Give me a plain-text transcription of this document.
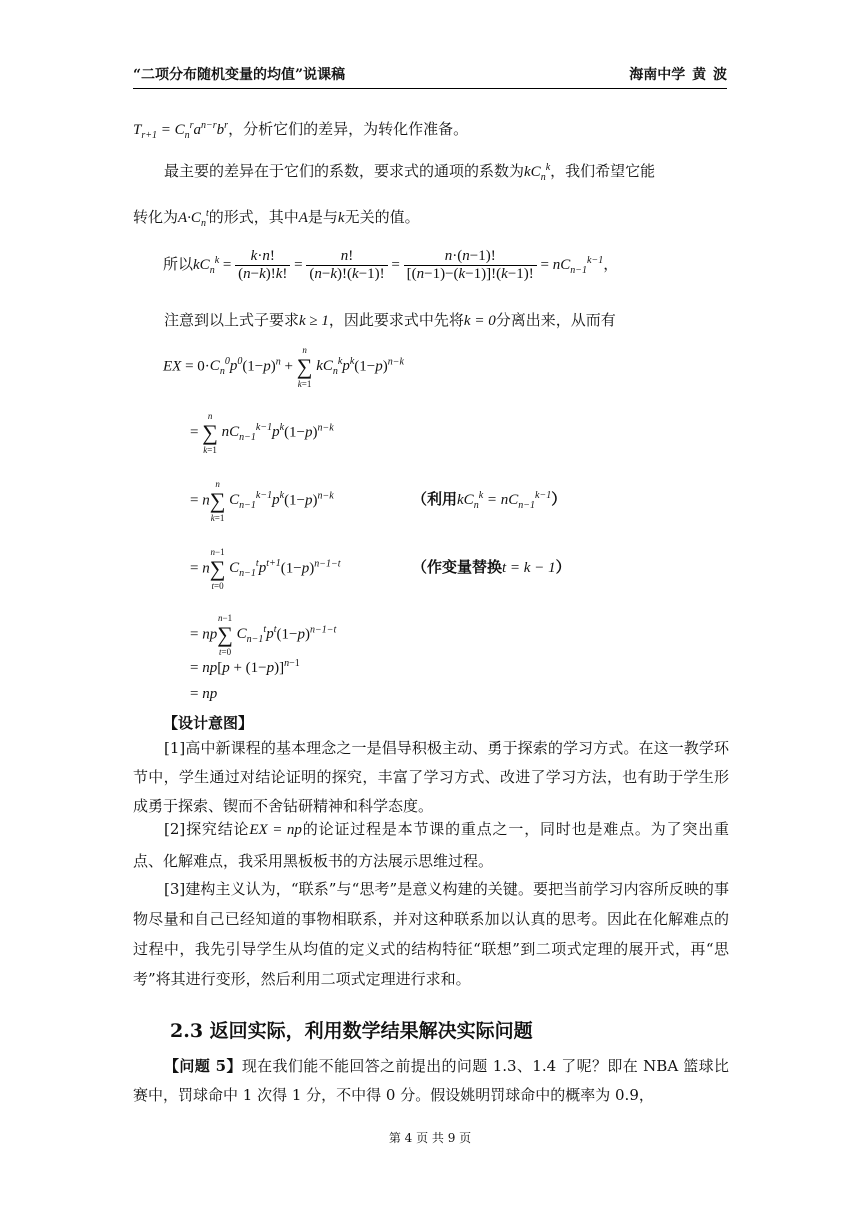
“二项分布随机变量的均值”说课稿	海南中学 黄 波
$T_{r+1} = C_n^ra^{n-r}b^r$，分析它们的差异，为转化作准备。
最主要的差异在于它们的系数，要求式的通项的系数为$kC_n^k$，我们希望它能
转化为$A\cdot C_n^t$的形式，其中A是与k无关的值。
所以$kC_n^k = \frac{k\cdot n!}{(n-k)!k!} = \frac{n!}{(n-k)!(k-1)!} = \frac{n\cdot(n-1)!}{[(n-1)-(k-1)]!(k-1)!} = nC_{n-1}^{k-1}$，
注意到以上式子要求k ≥ 1，因此要求式中先将k = 0分离出来，从而有
EX = $0\cdot C_n^0p^0(1-p)^n$ +
n
∑
k=1
$kC_n^kp^k(1-p)^{n-k}$
=
n
∑
k=1
$nC_{n-1}^{k-1}p^k(1-p)^{n-k}$
= n
n
∑
k=1
$C_{n-1}^{k-1}p^k(1-p)^{n-k}$	（利用$kC_n^k = nC_{n-1}^{k-1}$）
= n
n−1
∑
t=0
$C_{n-1}^tp^{t+1}(1-p)^{n-1-t}$	（作变量替换t = k − 1）
= np
n−1
∑
t=0
$C_{n-1}^tp^t(1-p)^{n-1-t}$
= $np[p + (1-p)]^{n-1}$
= np
【设计意图】
[1]高中新课程的基本理念之一是倡导积极主动、勇于探索的学习方式。在这一教学环节中，学生通过对结论证明的探究，丰富了学习方式、改进了学习方法，也有助于学生形成勇于探索、锲而不舍钻研精神和科学态度。
[2]探究结论EX = np的论证过程是本节课的重点之一，同时也是难点。为了突出重点、化解难点，我采用黑板板书的方法展示思维过程。
[3]建构主义认为，“联系”与“思考”是意义构建的关键。要把当前学习内容所反映的事物尽量和自己已经知道的事物相联系，并对这种联系加以认真的思考。因此在化解难点的过程中，我先引导学生从均值的定义式的结构特征“联想”到二项式定理的展开式，再“思考”将其进行变形，然后利用二项式定理进行求和。
2.3 返回实际，利用数学结果解决实际问题
【问题 5】现在我们能不能回答之前提出的问题 1.3、1.4 了呢？即在 NBA 篮球比赛中，罚球命中 1 次得 1 分，不中得 0 分。假设姚明罚球命中的概率为 0.9，
第 4 页 共 9 页
